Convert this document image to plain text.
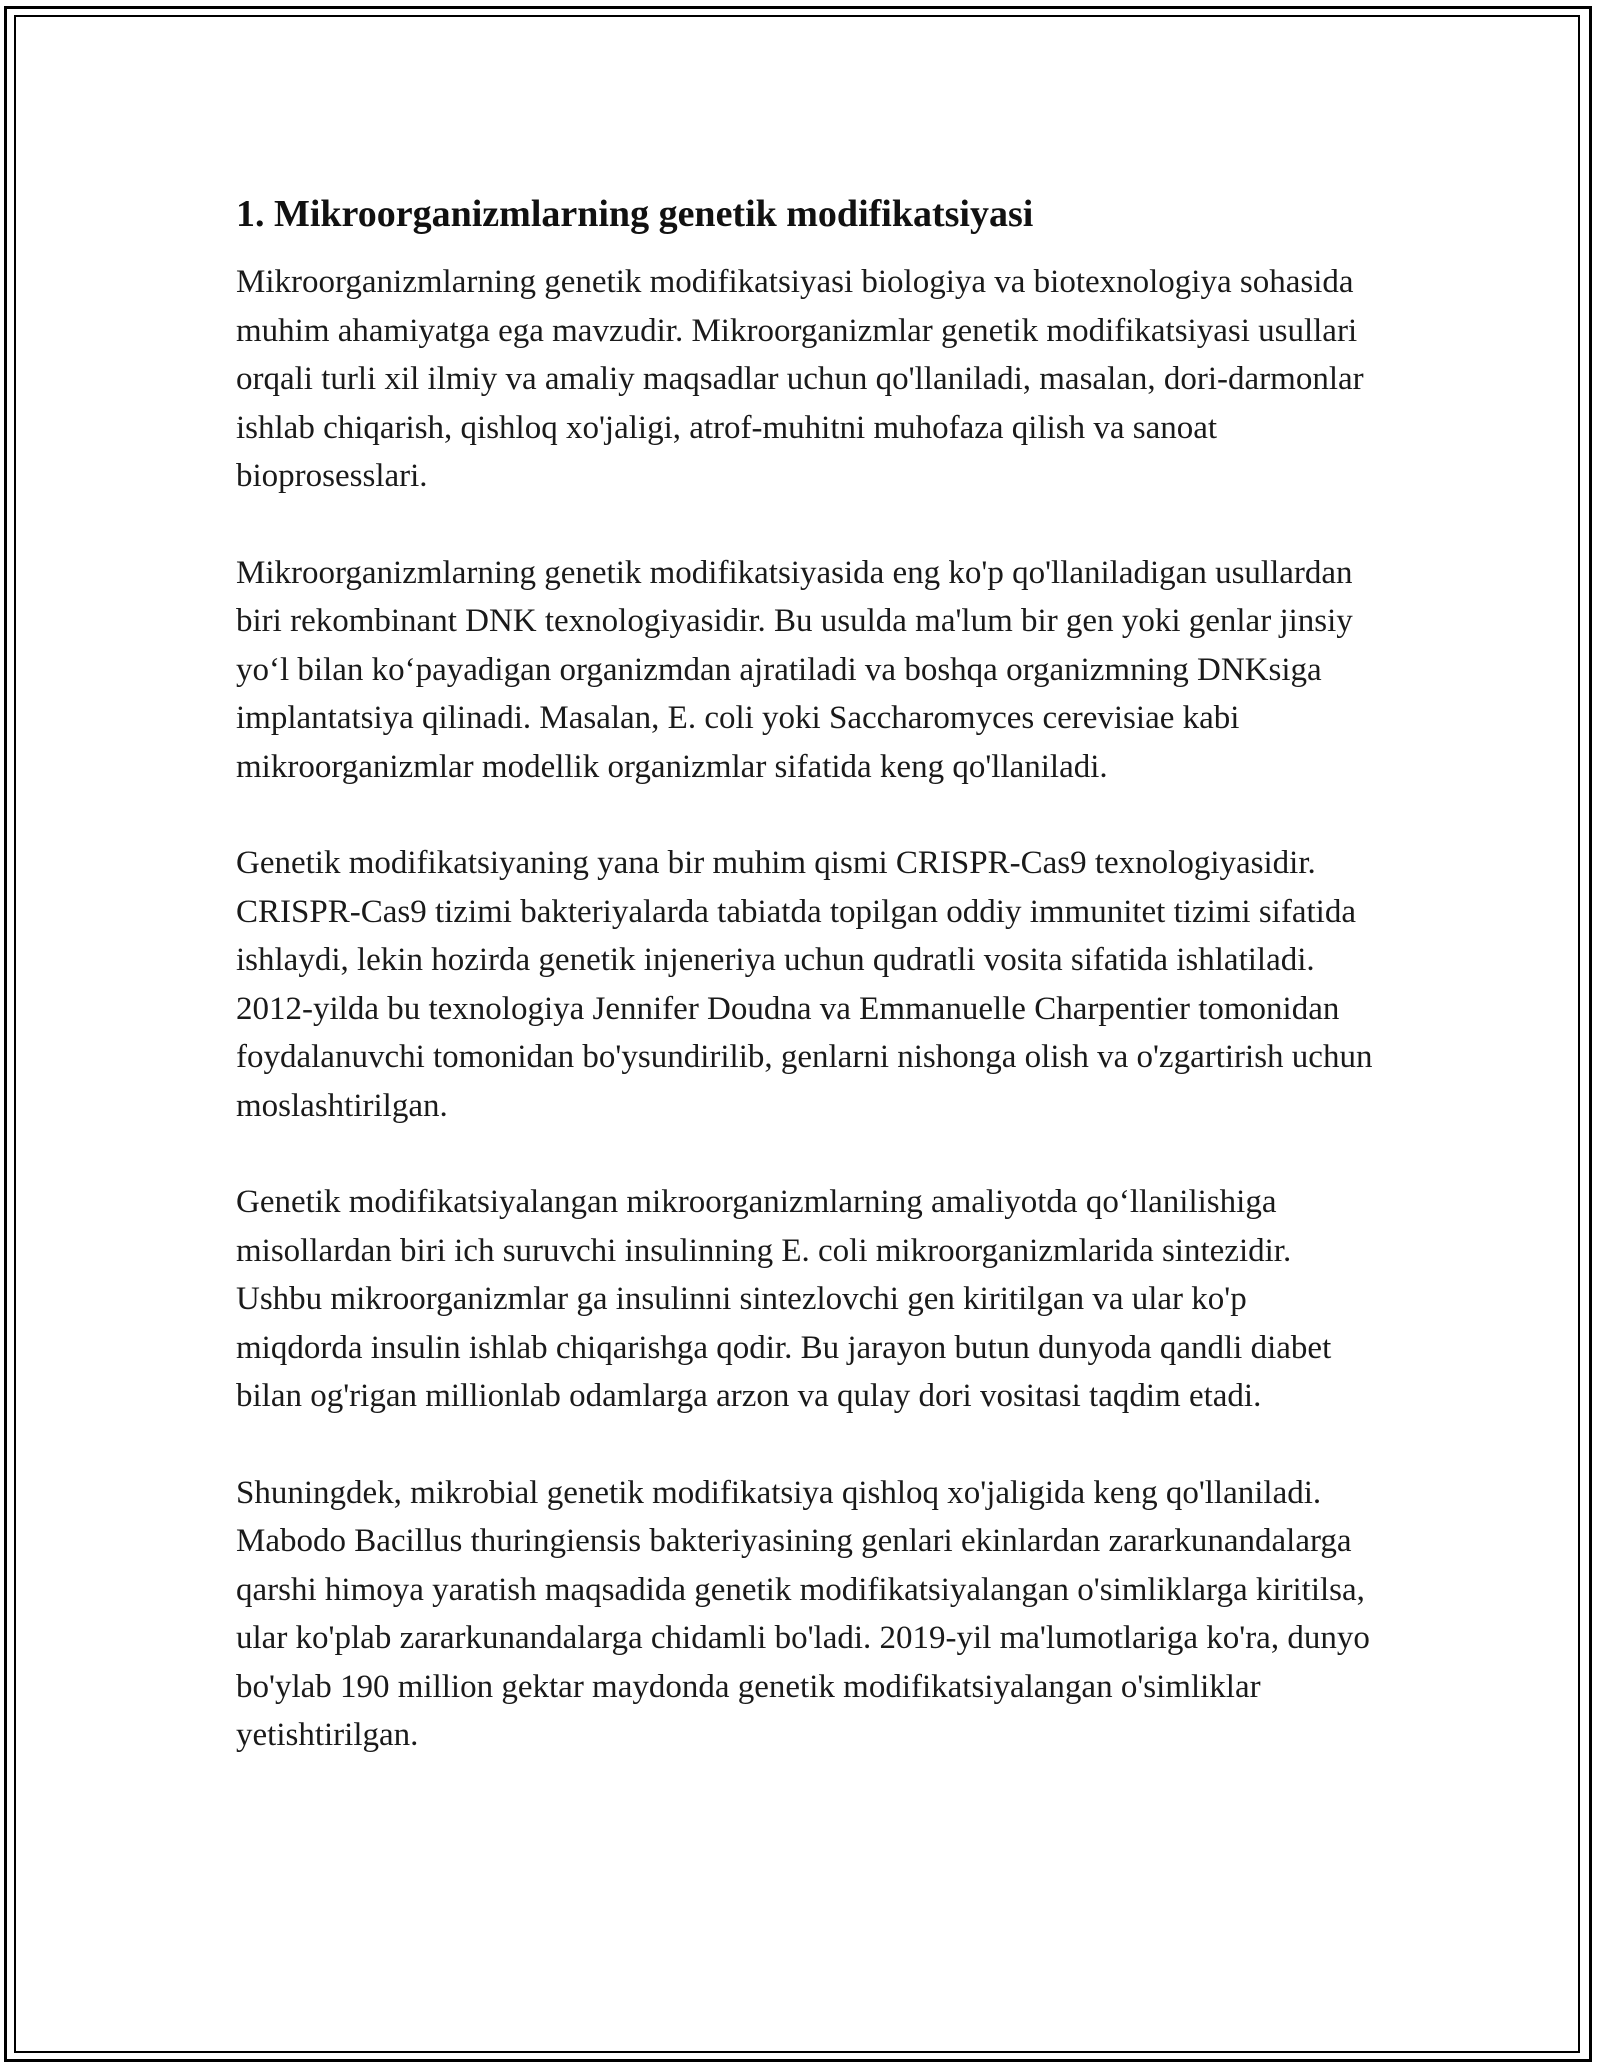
1. Mikroorganizmlarning genetik modifikatsiyasi

Mikroorganizmlarning genetik modifikatsiyasi biologiya va biotexnologiya sohasida muhim ahamiyatga ega mavzudir. Mikroorganizmlar genetik modifikatsiyasi usullari orqali turli xil ilmiy va amaliy maqsadlar uchun qo'llaniladi, masalan, dori-darmonlar ishlab chiqarish, qishloq xo'jaligi, atrof-muhitni muhofaza qilish va sanoat bioprosesslari.

Mikroorganizmlarning genetik modifikatsiyasida eng ko'p qo'llaniladigan usullardan biri rekombinant DNK texnologiyasidir. Bu usulda ma'lum bir gen yoki genlar jinsiy yo‘l bilan ko‘payadigan organizmdan ajratiladi va boshqa organizmning DNKsiga implantatsiya qilinadi. Masalan, E. coli yoki Saccharomyces cerevisiae kabi mikroorganizmlar modellik organizmlar sifatida keng qo'llaniladi.

Genetik modifikatsiyaning yana bir muhim qismi CRISPR-Cas9 texnologiyasidir. CRISPR-Cas9 tizimi bakteriyalarda tabiatda topilgan oddiy immunitet tizimi sifatida ishlaydi, lekin hozirda genetik injeneriya uchun qudratli vosita sifatida ishlatiladi. 2012-yilda bu texnologiya Jennifer Doudna va Emmanuelle Charpentier tomonidan foydalanuvchi tomonidan bo'ysundirilib, genlarni nishonga olish va o'zgartirish uchun moslashtirilgan.

Genetik modifikatsiyalangan mikroorganizmlarning amaliyotda qo‘llanilishiga misollardan biri ich suruvchi insulinning E. coli mikroorganizmlarida sintezidir. Ushbu mikroorganizmlar ga insulinni sintezlovchi gen kiritilgan va ular ko'p miqdorda insulin ishlab chiqarishga qodir. Bu jarayon butun dunyoda qandli diabet bilan og'rigan millionlab odamlarga arzon va qulay dori vositasi taqdim etadi.

Shuningdek, mikrobial genetik modifikatsiya qishloq xo'jaligida keng qo'llaniladi. Mabodo Bacillus thuringiensis bakteriyasining genlari ekinlardan zararkunandalarga qarshi himoya yaratish maqsadida genetik modifikatsiyalangan o'simliklarga kiritilsa, ular ko'plab zararkunandalarga chidamli bo'ladi. 2019-yil ma'lumotlariga ko'ra, dunyo bo'ylab 190 million gektar maydonda genetik modifikatsiyalangan o'simliklar yetishtirilgan.
